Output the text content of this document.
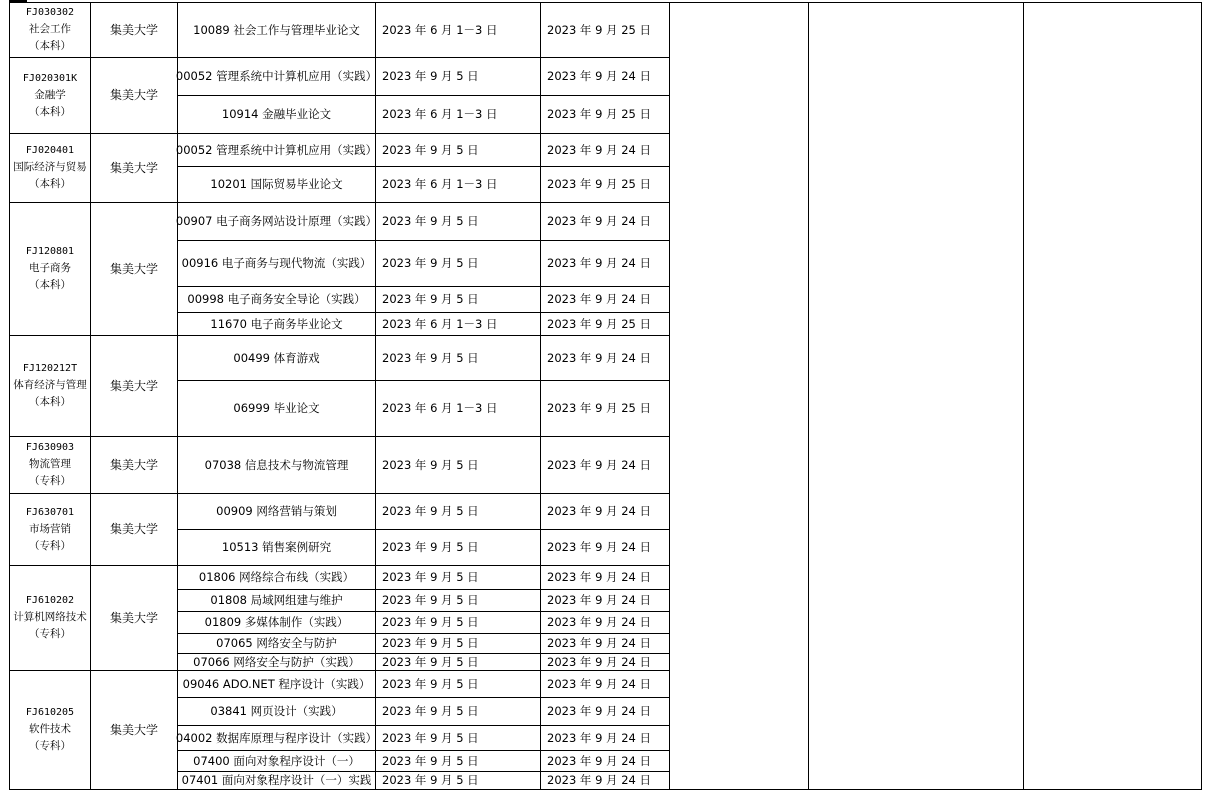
FJ030302
社会工作
（本科）
集美大学	10089 社会工作与管理毕业论文 2023 年 6 月 1－3 日	2023 年 9 月 25 日
FJ020301K
金融学
（本科）
集美大学
00052 管理系统中计算机应用（实践） 2023 年 9 月 5 日	2023 年 9 月 24 日
10914 金融毕业论文	2023 年 6 月 1－3 日	2023 年 9 月 25 日
FJ020401
国际经济与贸易（本科）
集美大学
00052 管理系统中计算机应用（实践） 2023 年 9 月 5 日	2023 年 9 月 24 日
10201 国际贸易毕业论文	2023 年 6 月 1－3 日	2023 年 9 月 25 日
FJ120801
电子商务
（本科）
集美大学
00907 电子商务网站设计原理（实践） 2023 年 9 月 5 日	2023 年 9 月 24 日
00916 电子商务与现代物流（实践） 2023 年 9 月 5 日	2023 年 9 月 24 日
00998 电子商务安全导论（实践） 2023 年 9 月 5 日	2023 年 9 月 24 日
11670 电子商务毕业论文	2023 年 6 月 1－3 日	2023 年 9 月 25 日
FJ120212T
体育经济与管理
（本科）
集美大学
00499 体育游戏	2023 年 9 月 5 日	2023 年 9 月 24 日
06999 毕业论文	2023 年 6 月 1－3 日	2023 年 9 月 25 日
FJ630903
物流管理
（专科）
集美大学	07038 信息技术与物流管理	2023 年 9 月 5 日	2023 年 9 月 24 日
FJ630701
市场营销
（专科）
集美大学
00909 网络营销与策划	2023 年 9 月 5 日	2023 年 9 月 24 日
10513 销售案例研究	2023 年 9 月 5 日	2023 年 9 月 24 日
FJ610202
计算机网络技术
（专科）
集美大学
01806 网络综合布线（实践） 2023 年 9 月 5 日	2023 年 9 月 24 日
01808 局域网组建与维护	2023 年 9 月 5 日	2023 年 9 月 24 日
01809 多媒体制作（实践）	2023 年 9 月 5 日	2023 年 9 月 24 日
07065 网络安全与防护	2023 年 9 月 5 日	2023 年 9 月 24 日
07066 网络安全与防护（实践） 2023 年 9 月 5 日	2023 年 9 月 24 日
FJ610205
软件技术
（专科）
集美大学
09046 ADO.NET 程序设计（实践） 2023 年 9 月 5 日	2023 年 9 月 24 日
03841 网页设计（实践）	2023 年 9 月 5 日	2023 年 9 月 24 日
04002 数据库原理与程序设计（实践） 2023 年 9 月 5 日	2023 年 9 月 24 日
07400 面向对象程序设计（一） 2023 年 9 月 5 日	2023 年 9 月 24 日
07401 面向对象程序设计（一）实践 2023 年 9 月 5 日	2023 年 9 月 24 日
